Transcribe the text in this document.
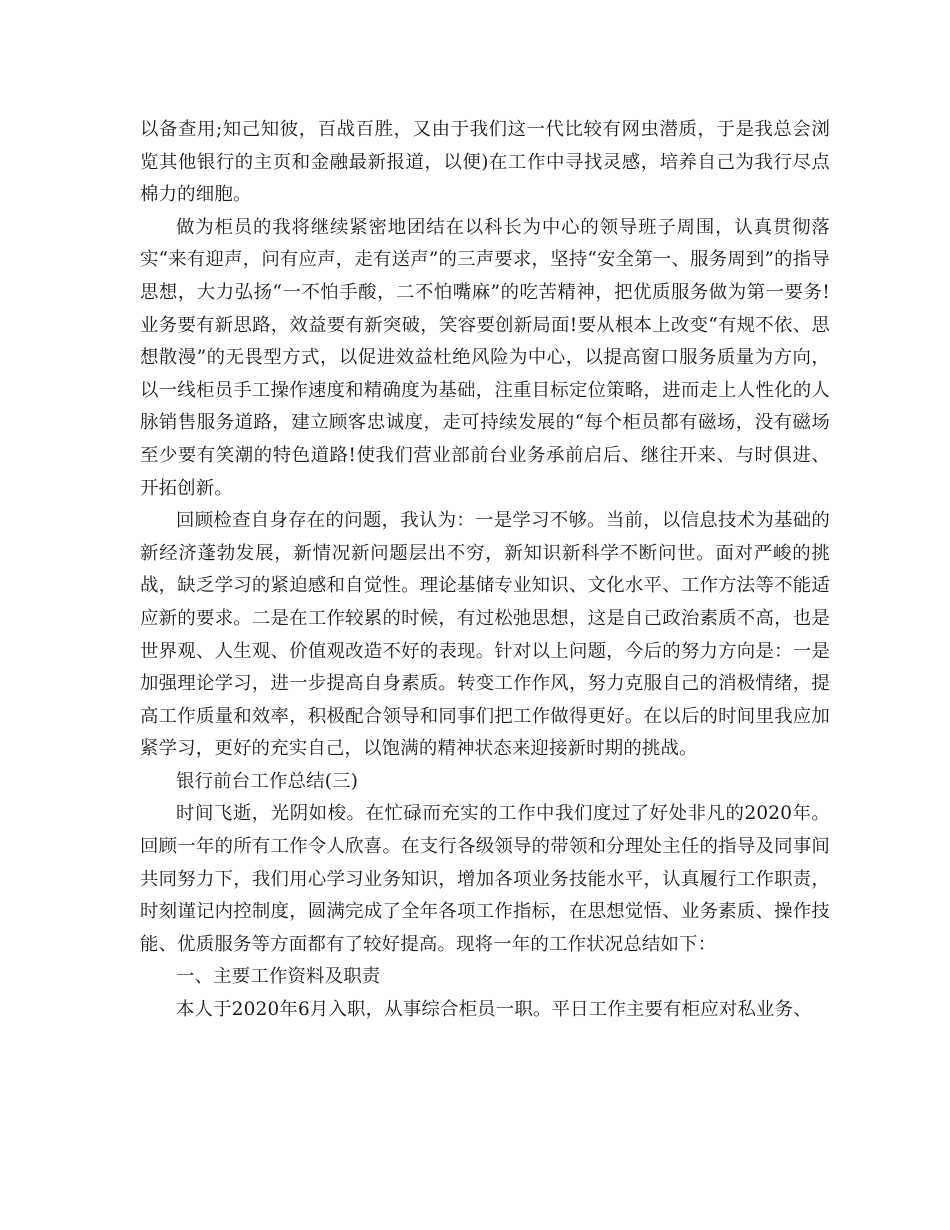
以备查用;知己知彼，百战百胜，又由于我们这一代比较有网虫潜质，于是我总会浏览其他银行的主页和金融最新报道，以便)在工作中寻找灵感，培养自己为我行尽点棉力的细胞。

做为柜员的我将继续紧密地团结在以科长为中心的领导班子周围，认真贯彻落实“来有迎声，问有应声，走有送声”的三声要求，坚持“安全第一、服务周到”的指导思想，大力弘扬“一不怕手酸，二不怕嘴麻”的吃苦精神，把优质服务做为第一要务!业务要有新思路，效益要有新突破，笑容要创新局面!要从根本上改变“有规不依、思想散漫”的无畏型方式，以促进效益杜绝风险为中心，以提高窗口服务质量为方向，以一线柜员手工操作速度和精确度为基础，注重目标定位策略，进而走上人性化的人脉销售服务道路，建立顾客忠诚度，走可持续发展的“每个柜员都有磁场，没有磁场至少要有笑潮的特色道路!使我们营业部前台业务承前启后、继往开来、与时俱进、开拓创新。

回顾检查自身存在的问题，我认为：一是学习不够。当前，以信息技术为基础的新经济蓬勃发展，新情况新问题层出不穷，新知识新科学不断问世。面对严峻的挑战，缺乏学习的紧迫感和自觉性。理论基储专业知识、文化水平、工作方法等不能适应新的要求。二是在工作较累的时候，有过松弛思想，这是自己政治素质不高，也是世界观、人生观、价值观改造不好的表现。针对以上问题，今后的努力方向是：一是加强理论学习，进一步提高自身素质。转变工作作风，努力克服自己的消极情绪，提高工作质量和效率，积极配合领导和同事们把工作做得更好。在以后的时间里我应加紧学习，更好的充实自己，以饱满的精神状态来迎接新时期的挑战。

银行前台工作总结(三)

时间飞逝，光阴如梭。在忙碌而充实的工作中我们度过了好处非凡的2020年。回顾一年的所有工作令人欣喜。在支行各级领导的带领和分理处主任的指导及同事间共同努力下，我们用心学习业务知识，增加各项业务技能水平，认真履行工作职责，时刻谨记内控制度，圆满完成了全年各项工作指标，在思想觉悟、业务素质、操作技能、优质服务等方面都有了较好提高。现将一年的工作状况总结如下：

一、主要工作资料及职责

本人于2020年6月入职，从事综合柜员一职。平日工作主要有柜应对私业务、
